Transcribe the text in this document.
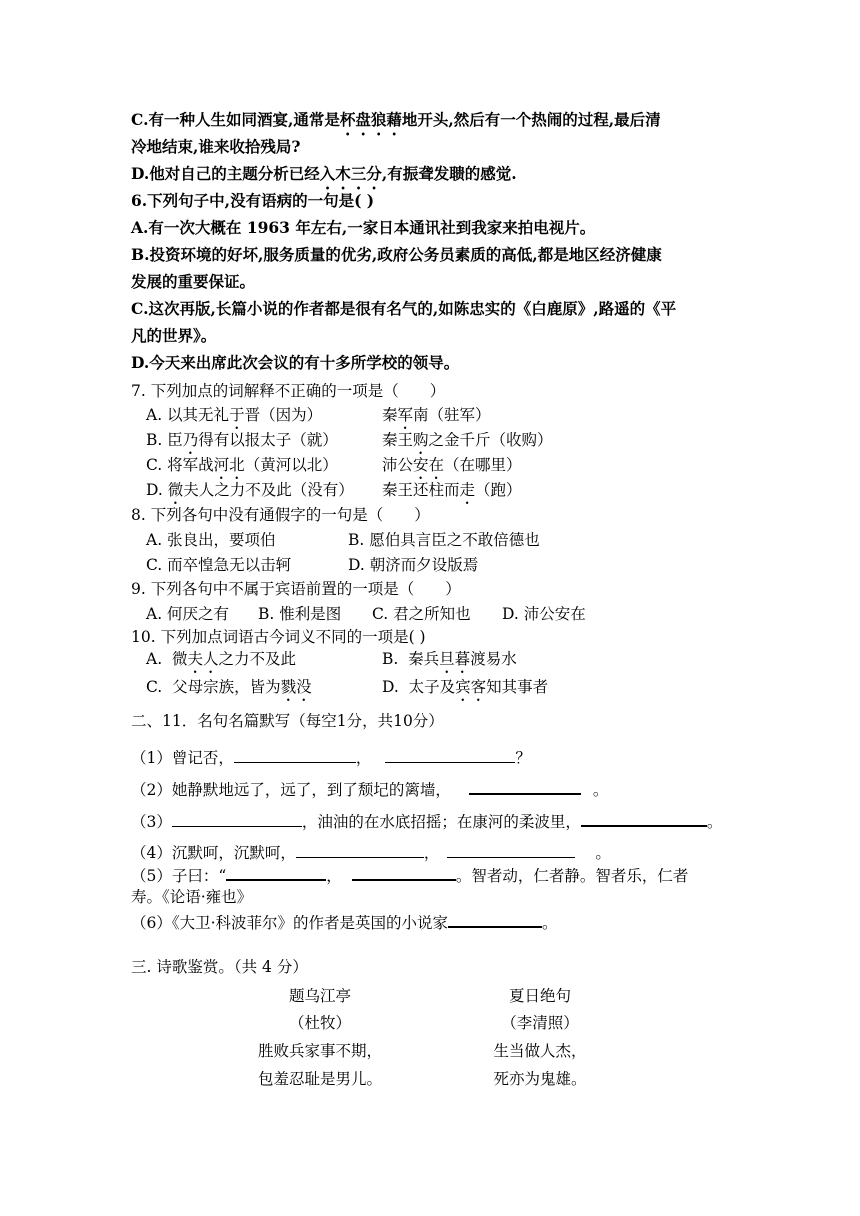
C.有一种人生如同酒宴,通常是杯盘狼藉地开头,然后有一个热闹的过程,最后清
冷地结束,谁来收拾残局?
D.他对自己的主题分析已经入木三分,有振聋发聩的感觉.
6.下列句子中,没有语病的一句是( )
A.有一次大概在 1963 年左右,一家日本通讯社到我家来拍电视片。
B.投资环境的好坏,服务质量的优劣,政府公务员素质的高低,都是地区经济健康
发展的重要保证。
C.这次再版,长篇小说的作者都是很有名气的,如陈忠实的《白鹿原》,路遥的《平
凡的世界》。
D.今天来出席此次会议的有十多所学校的领导。
7. 下列加点的词解释不正确的一项是（　　）
A. 以其无礼于晋（因为）	秦军南（驻军）
B. 臣乃得有以报太子（就）	秦王购之金千斤（收购）
C. 将军战河北（黄河以北）	沛公安在（在哪里）
D. 微夫人之力不及此（没有） 秦王还柱而走（跑）
8. 下列各句中没有通假字的一句是（　　）
A. 张良出，要项伯	B. 愿伯具言臣之不敢倍德也
C. 而卒惶急无以击轲	D. 朝济而夕设版焉
9. 下列各句中不属于宾语前置的一项是（　　）
A. 何厌之有 B. 惟利是图 C. 君之所知也 D. 沛公安在
10. 下列加点词语古今词义不同的一项是( )
A.  微夫人之力不及此	B.  秦兵旦暮渡易水
C.  父母宗族，皆为戮没	D.  太子及宾客知其事者
二、11．名句名篇默写（每空1分，共10分）
（1）曾记否，	，	？
（2）她静默地远了，远了，到了颓圮的篱墙，	。
（3）	，油油的在水底招摇；在康河的柔波里，	。
（4）沉默呵，沉默呵，	，	。
（5）子曰：“	，	。智者动，仁者静。智者乐，仁者
寿。《论语·雍也》
（6）《大卫·科波菲尔》的作者是英国的小说家	。
三. 诗歌鉴赏。（共 4 分）
题乌江亭
（杜牧）
胜败兵家事不期，
包羞忍耻是男儿。
夏日绝句
（李清照）
生当做人杰，
死亦为鬼雄。
